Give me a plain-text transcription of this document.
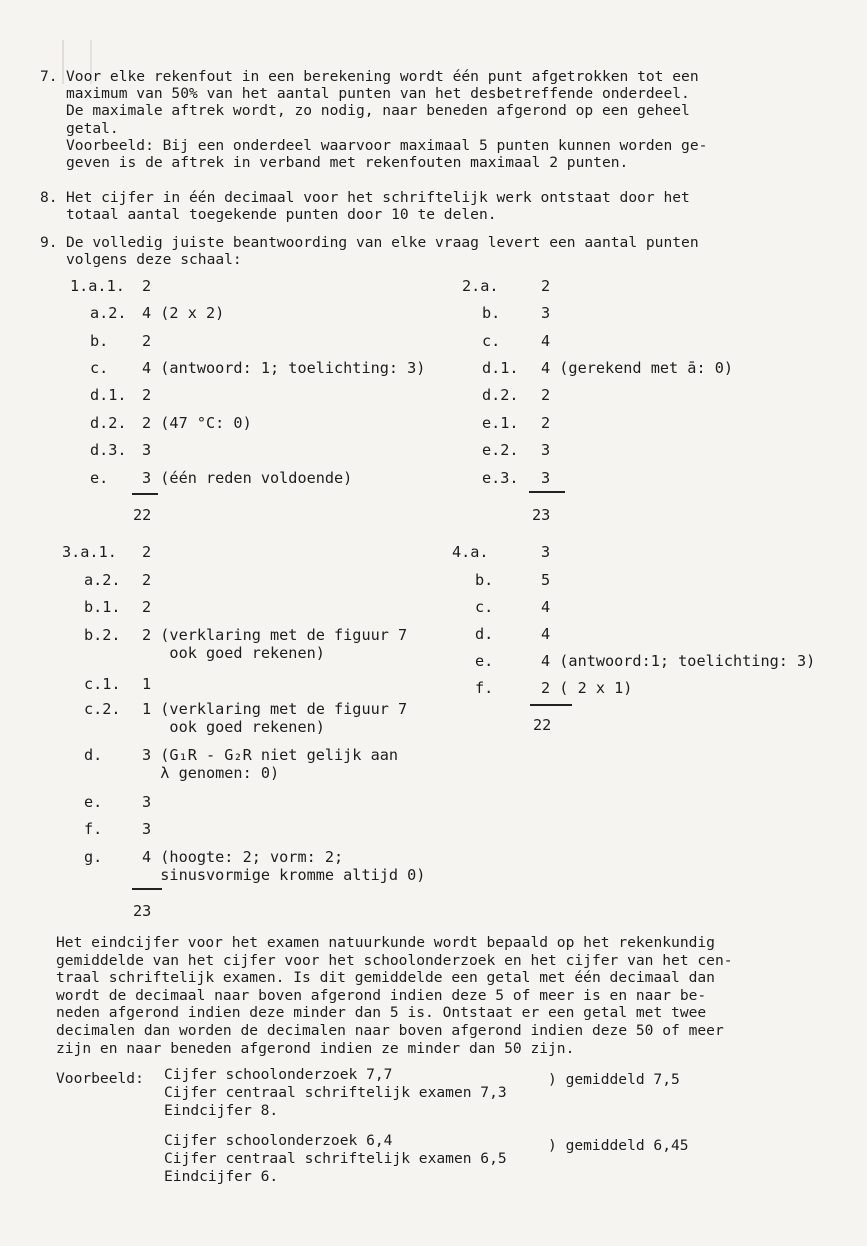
7. Voor elke rekenfout in een berekening wordt één punt afgetrokken tot een
maximum van 50% van het aantal punten van het desbetreffende onderdeel.
De maximale aftrek wordt, zo nodig, naar beneden afgerond op een geheel
getal.
Voorbeeld: Bij een onderdeel waarvoor maximaal 5 punten kunnen worden ge-
geven is de aftrek in verband met rekenfouten maximaal 2 punten.
8. Het cijfer in één decimaal voor het schriftelijk werk ontstaat door het
totaal aantal toegekende punten door 10 te delen.
9. De volledig juiste beantwoording van elke vraag levert een aantal punten
volgens deze schaal:
1.a.1. 2
a.2. 4 (2 x 2)
b. 2
c. 4 (antwoord: 1; toelichting: 3)
d.1. 2
d.2. 2 (47 °C: 0)
d.3. 3
e. 3 (één reden voldoende)
22
2.a.	2
b.	3
c.	4
d.1. 4 (gerekend met ā: 0)
d.2. 2
e.1. 2
e.2. 3
e.3. 3
23
3.a.1. 2
a.2. 2
b.1. 2
b.2. 2 (verklaring met de figuur 7
ook goed rekenen)
c.1. 1
c.2. 1 (verklaring met de figuur 7
ook goed rekenen)
d.	3 (G₁R - G₂R niet gelijk aan
λ genomen: 0)
e.	3
f.	3
g.	4 (hoogte: 2; vorm: 2;
sinusvormige kromme altijd 0)
23
4.a.	3
b.	5
c.	4
d.	4
e.	4 (antwoord:1; toelichting: 3)
f.	2 ( 2 x 1)
22
Het eindcijfer voor het examen natuurkunde wordt bepaald op het rekenkundig
gemiddelde van het cijfer voor het schoolonderzoek en het cijfer van het cen-
traal schriftelijk examen. Is dit gemiddelde een getal met één decimaal dan
wordt de decimaal naar boven afgerond indien deze 5 of meer is en naar be-
neden afgerond indien deze minder dan 5 is. Ontstaat er een getal met twee
decimalen dan worden de decimalen naar boven afgerond indien deze 50 of meer
zijn en naar beneden afgerond indien ze minder dan 50 zijn.
Voorbeeld: Cijfer schoolonderzoek 7,7
Cijfer centraal schriftelijk examen 7,3
Eindcijfer 8.
) gemiddeld 7,5
Cijfer schoolonderzoek 6,4
Cijfer centraal schriftelijk examen 6,5
Eindcijfer 6.
) gemiddeld 6,45
